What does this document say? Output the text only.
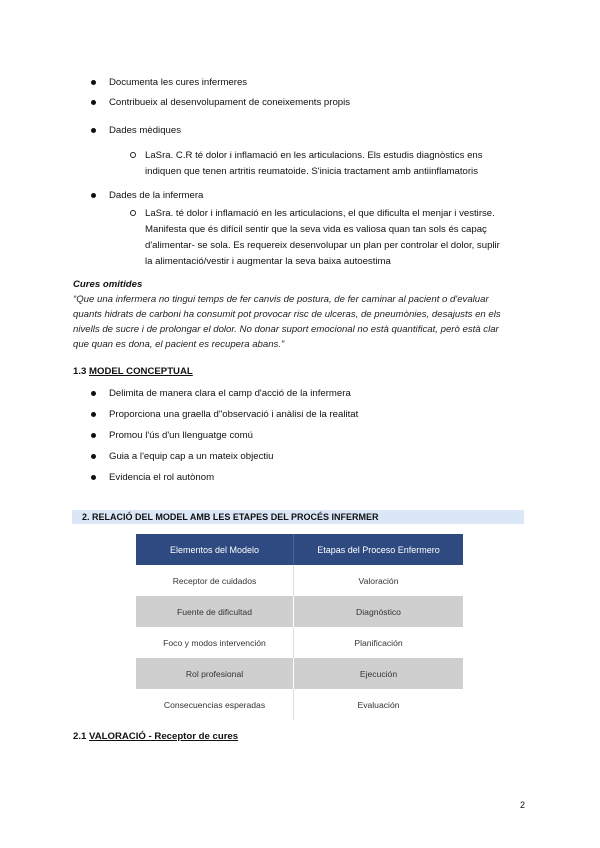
Documenta les cures infermeres
Contribueix al desenvolupament de coneixements propis
Dades mèdiques
LaSra. C.R té dolor i inflamació en les articulacions. Els estudis diagnòstics ens
indiquen que tenen artritis reumatoide. S'inicia tractament amb antiinflamatoris
Dades de la infermera
LaSra. té dolor i inflamació en les articulacions, el que dificulta el menjar i vestirse.
Manifesta que és difícil sentir que la seva vida es valiosa quan tan sols és capaç
d'alimentar- se sola. Es requereix desenvolupar un plan per controlar el dolor, suplir
la alimentació/vestir i augmentar la seva baixa autoestima
Cures omitides
“Que una infermera no tingui temps de fer canvis de postura, de fer caminar al pacient o d'evaluar
quants hidrats de carboni ha consumit pot provocar risc de ulceras, de pneumònies, desajusts en els
nivells de sucre i de prolongar el dolor. No donar suport emocional no està quantificat, però està clar
que quan es dona, el pacient es recupera abans.”
1.3 MODEL CONCEPTUAL
Delimita de manera clara el camp d'acció de la infermera
Proporciona una graella d"observació i anàlisi de la realitat
Promou l'ús d'un llenguatge comú
Guia a l'equip cap a un mateix objectiu
Evidencia el rol autònom
2. RELACIÓ DEL MODEL AMB LES ETAPES DEL PROCÉS INFERMER
Elementos del Modelo	Etapas del Proceso Enfermero
Receptor de cuidados	Valoración
Fuente de dificultad	Diagnóstico
Foco y modos intervención	Planificación
Rol profesional	Ejecución
Consecuencias esperadas	Evaluación
2.1 VALORACIÓ - Receptor de cures
2
